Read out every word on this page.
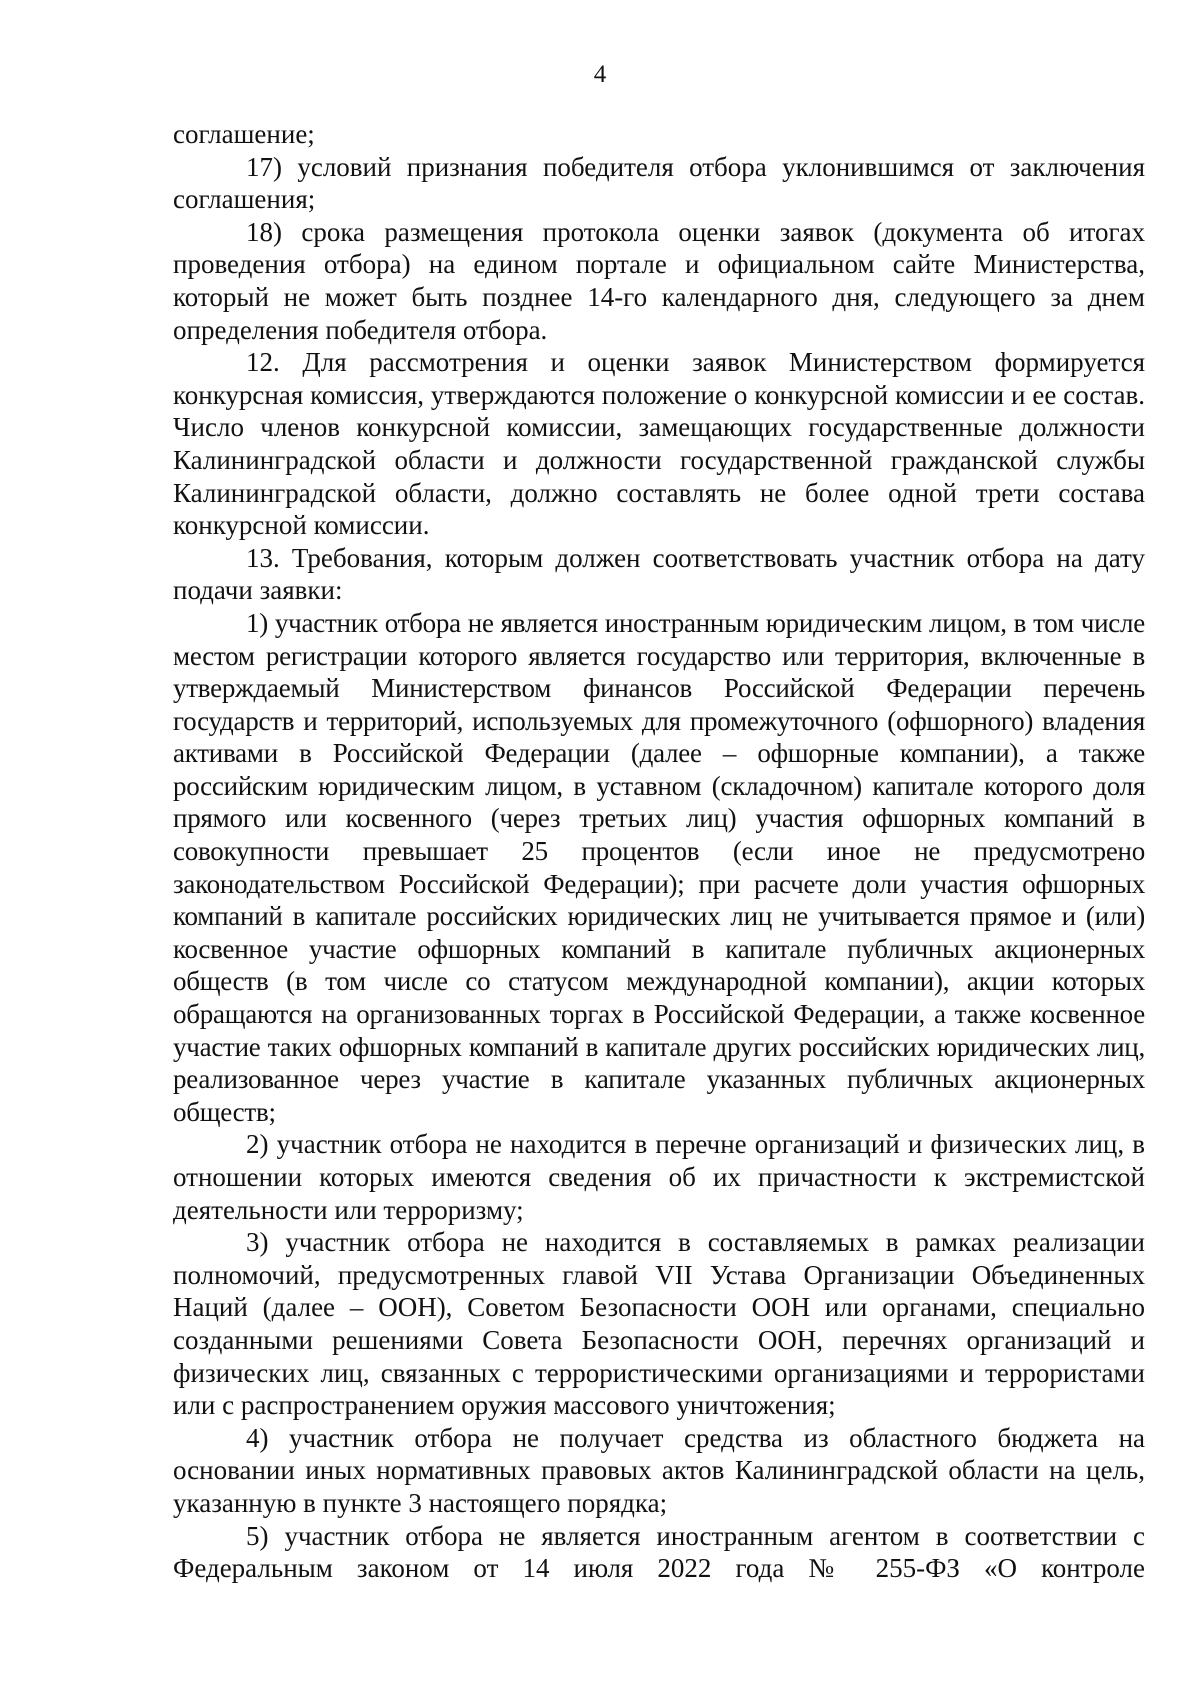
4

соглашение;

17) условий признания победителя отбора уклонившимся от заключения соглашения;

18) срока размещения протокола оценки заявок (документа об итогах проведения отбора) на едином портале и официальном сайте Министерства, который не может быть позднее 14-го календарного дня, следующего за днем определения победителя отбора.

12. Для рассмотрения и оценки заявок Министерством формируется конкурсная комиссия, утверждаются положение о конкурсной комиссии и ее состав. Число членов конкурсной комиссии, замещающих государственные должности Калининградской области и должности государственной гражданской службы Калининградской области, должно составлять не более одной трети состава конкурсной комиссии.

13. Требования, которым должен соответствовать участник отбора на дату подачи заявки:

1) участник отбора не является иностранным юридическим лицом, в том числе местом регистрации которого является государство или территория, включенные в утверждаемый Министерством финансов Российской Федерации перечень государств и территорий, используемых для промежуточного (офшорного) владения активами в Российской Федерации (далее – офшорные компании), а также российским юридическим лицом, в уставном (складочном) капитале которого доля прямого или косвенного (через третьих лиц) участия офшорных компаний в совокупности превышает 25 процентов (если иное не предусмотрено законодательством Российской Федерации); при расчете доли участия офшорных компаний в капитале российских юридических лиц не учитывается прямое и (или) косвенное участие офшорных компаний в капитале публичных акционерных обществ (в том числе со статусом международной компании), акции которых обращаются на организованных торгах в Российской Федерации, а также косвенное участие таких офшорных компаний в капитале других российских юридических лиц, реализованное через участие в капитале указанных публичных акционерных обществ;

2) участник отбора не находится в перечне организаций и физических лиц, в отношении которых имеются сведения об их причастности к экстремистской деятельности или терроризму;

3) участник отбора не находится в составляемых в рамках реализации полномочий, предусмотренных главой VII Устава Организации Объединенных Наций (далее – ООН), Советом Безопасности ООН или органами, специально созданными решениями Совета Безопасности ООН, перечнях организаций и физических лиц, связанных с террористическими организациями и террористами или с распространением оружия массового уничтожения;

4) участник отбора не получает средства из областного бюджета на основании иных нормативных правовых актов Калининградской области на цель, указанную в пункте 3 настоящего порядка;

5) участник отбора не является иностранным агентом в соответствии с Федеральным законом от 14 июля 2022 года № 255-ФЗ «О контроле
